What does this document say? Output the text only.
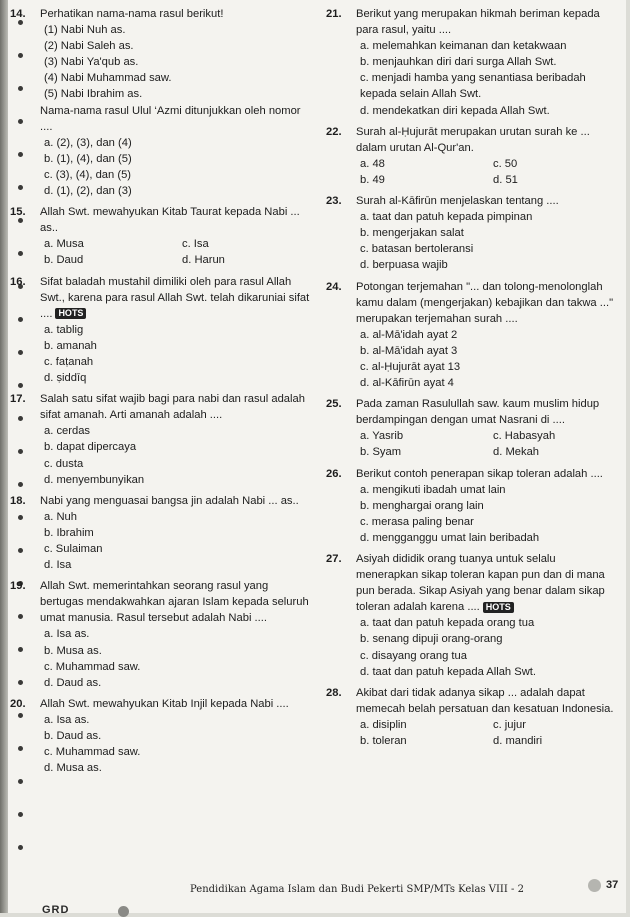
14. Perhatikan nama-nama rasul berikut!

(1) Nabi Nuh as.

(2) Nabi Saleh as.

(3) Nabi Ya'qub as.

(4) Nabi Muhammad saw.

(5) Nabi Ibrahim as.

Nama-nama rasul Ulul ‘Azmi ditunjukkan oleh nomor ....

a. (2), (3), dan (4)

b. (1), (4), dan (5)

c. (3), (4), dan (5)

d. (1), (2), dan (3)

15. Allah Swt. mewahyukan Kitab Taurat kepada Nabi ... as..

a. Musa	c. Isa
b. Daud	d. Harun
16. Sifat baladah mustahil dimiliki oleh para rasul Allah Swt., karena para rasul Allah Swt. telah dikaruniai sifat .... HOTS

a. tablig

b. amanah

c. faṭanah

d. ṣiddīq

17. Salah satu sifat wajib bagi para nabi dan rasul adalah sifat amanah. Arti amanah adalah ....

a. cerdas

b. dapat dipercaya

c. dusta

d. menyembunyikan

18. Nabi yang menguasai bangsa jin adalah Nabi ... as..

a. Nuh

b. Ibrahim

c. Sulaiman

d. Isa

19. Allah Swt. memerintahkan seorang rasul yang bertugas mendakwahkan ajaran Islam kepada seluruh umat manusia. Rasul tersebut adalah Nabi ....

a. Isa as.

b. Musa as.

c. Muhammad saw.

d. Daud as.

20. Allah Swt. mewahyukan Kitab Injil kepada Nabi ....

a. Isa as.

b. Daud as.

c. Muhammad saw.

d. Musa as.

21. Berikut yang merupakan hikmah beriman kepada para rasul, yaitu ....

a. melemahkan keimanan dan ketakwaan

b. menjauhkan diri dari surga Allah Swt.

c. menjadi hamba yang senantiasa beribadah kepada selain Allah Swt.

d. mendekatkan diri kepada Allah Swt.

22. Surah al-Ḥujurāt merupakan urutan surah ke ... dalam urutan Al-Qur'an.

a. 48	c. 50
b. 49	d. 51
23. Surah al-Kāfirūn menjelaskan tentang ....

a. taat dan patuh kepada pimpinan

b. mengerjakan salat

c. batasan bertoleransi

d. berpuasa wajib

24. Potongan terjemahan "... dan tolong-menolonglah kamu dalam (mengerjakan) kebajikan dan takwa ..." merupakan terjemahan surah ....

a. al-Mā'idah ayat 2

b. al-Mā'idah ayat 3

c. al-Ḥujurāt ayat 13

d. al-Kāfirūn ayat 4

25. Pada zaman Rasulullah saw. kaum muslim hidup berdampingan dengan umat Nasrani di ....

a. Yasrib	c. Habasyah
b. Syam	d. Mekah
26. Berikut contoh penerapan sikap toleran adalah ....

a. mengikuti ibadah umat lain

b. menghargai orang lain

c. merasa paling benar

d. mengganggu umat lain beribadah

27. Asiyah dididik orang tuanya untuk selalu menerapkan sikap toleran kapan pun dan di mana pun berada. Sikap Asiyah yang benar dalam sikap toleran adalah karena .... HOTS

a. taat dan patuh kepada orang tua

b. senang dipuji orang-orang

c. disayang orang tua

d. taat dan patuh kepada Allah Swt.

28. Akibat dari tidak adanya sikap ... adalah dapat memecah belah persatuan dan kesatuan Indonesia.

a. disiplin	c. jujur
b. toleran	d. mandiri
GRD
Pendidikan Agama Islam dan Budi Pekerti SMP/MTs Kelas VIII - 2	37
